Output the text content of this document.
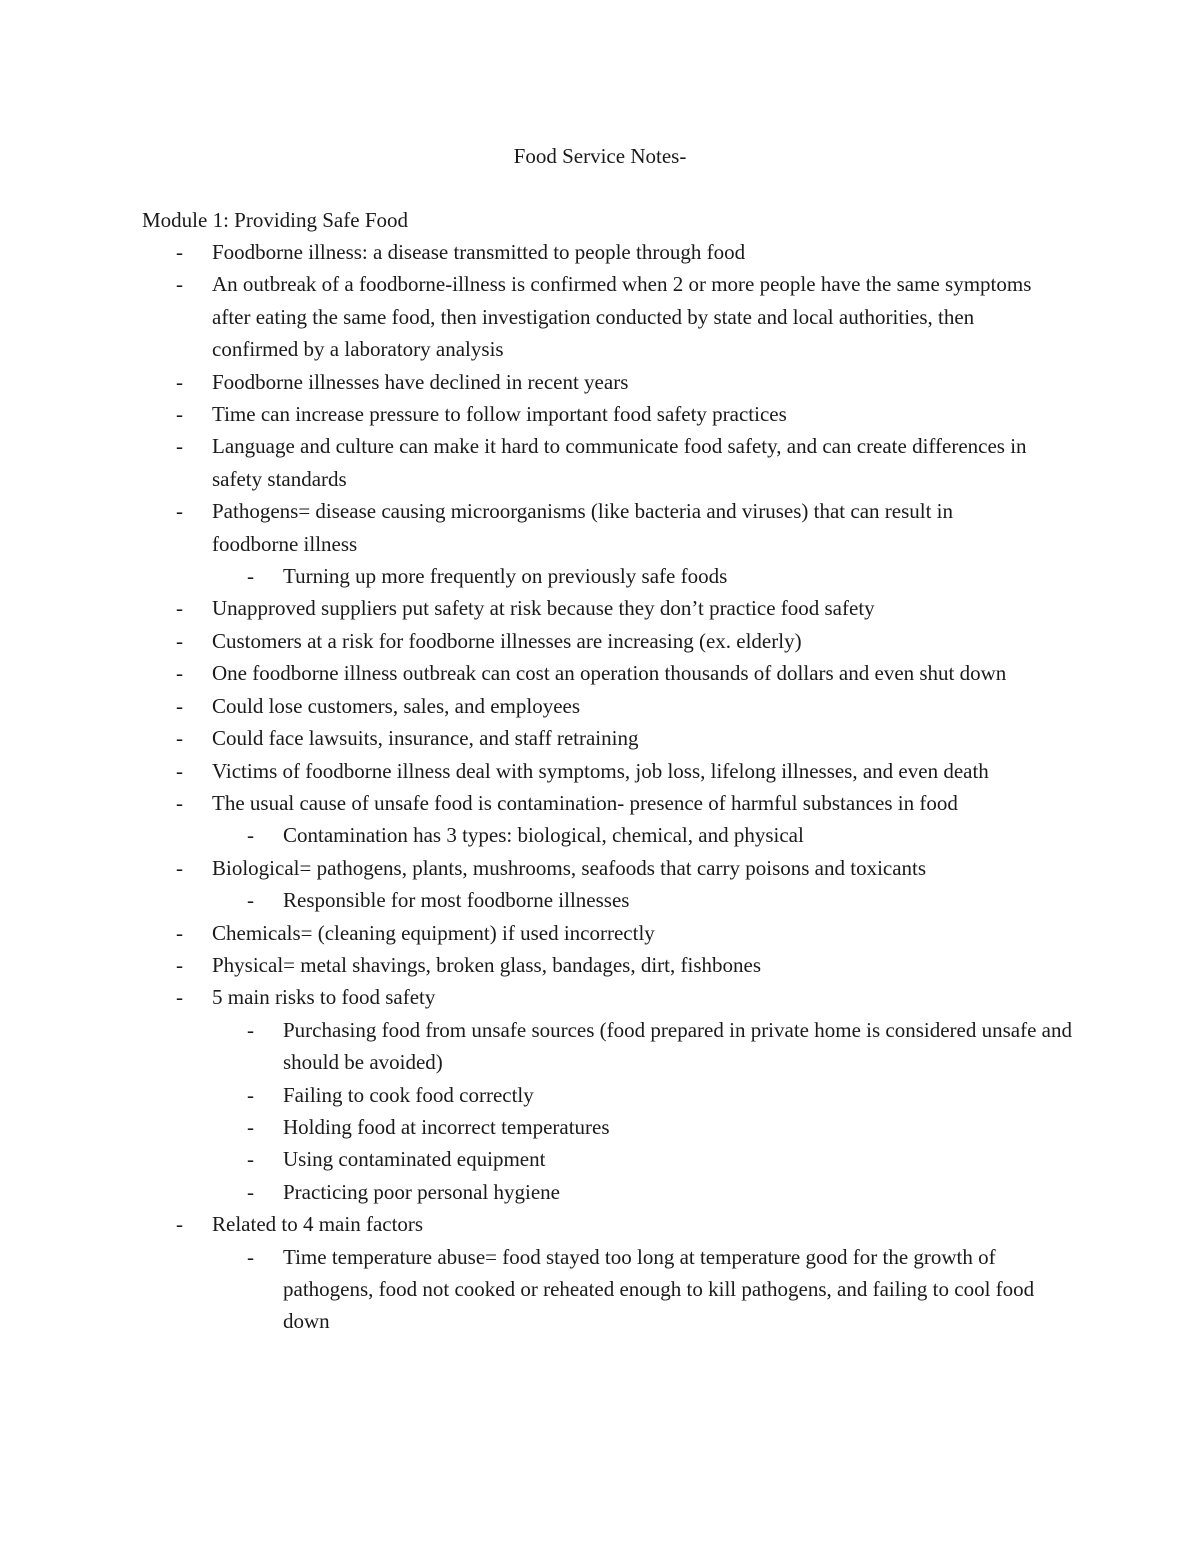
Food Service Notes-
Module 1: Providing Safe Food
- Foodborne illness: a disease transmitted to people through food
- An outbreak of a foodborne-illness is confirmed when 2 or more people have the same symptoms after eating the same food, then investigation conducted by state and local authorities, then confirmed by a laboratory analysis
- Foodborne illnesses have declined in recent years
- Time can increase pressure to follow important food safety practices
- Language and culture can make it hard to communicate food safety, and can create differences in safety standards
- Pathogens= disease causing microorganisms (like bacteria and viruses) that can result in foodborne illness
- Turning up more frequently on previously safe foods
- Unapproved suppliers put safety at risk because they don’t practice food safety
- Customers at a risk for foodborne illnesses are increasing (ex. elderly)
- One foodborne illness outbreak can cost an operation thousands of dollars and even shut down
- Could lose customers, sales, and employees
- Could face lawsuits, insurance, and staff retraining
- Victims of foodborne illness deal with symptoms, job loss, lifelong illnesses, and even death
- The usual cause of unsafe food is contamination- presence of harmful substances in food
- Contamination has 3 types: biological, chemical, and physical
- Biological= pathogens, plants, mushrooms, seafoods that carry poisons and toxicants
- Responsible for most foodborne illnesses
- Chemicals= (cleaning equipment) if used incorrectly
- Physical= metal shavings, broken glass, bandages, dirt, fishbones
- 5 main risks to food safety
- Purchasing food from unsafe sources (food prepared in private home is considered unsafe and should be avoided)
- Failing to cook food correctly
- Holding food at incorrect temperatures
- Using contaminated equipment
- Practicing poor personal hygiene
- Related to 4 main factors
- Time temperature abuse= food stayed too long at temperature good for the growth of pathogens, food not cooked or reheated enough to kill pathogens, and failing to cool food down
